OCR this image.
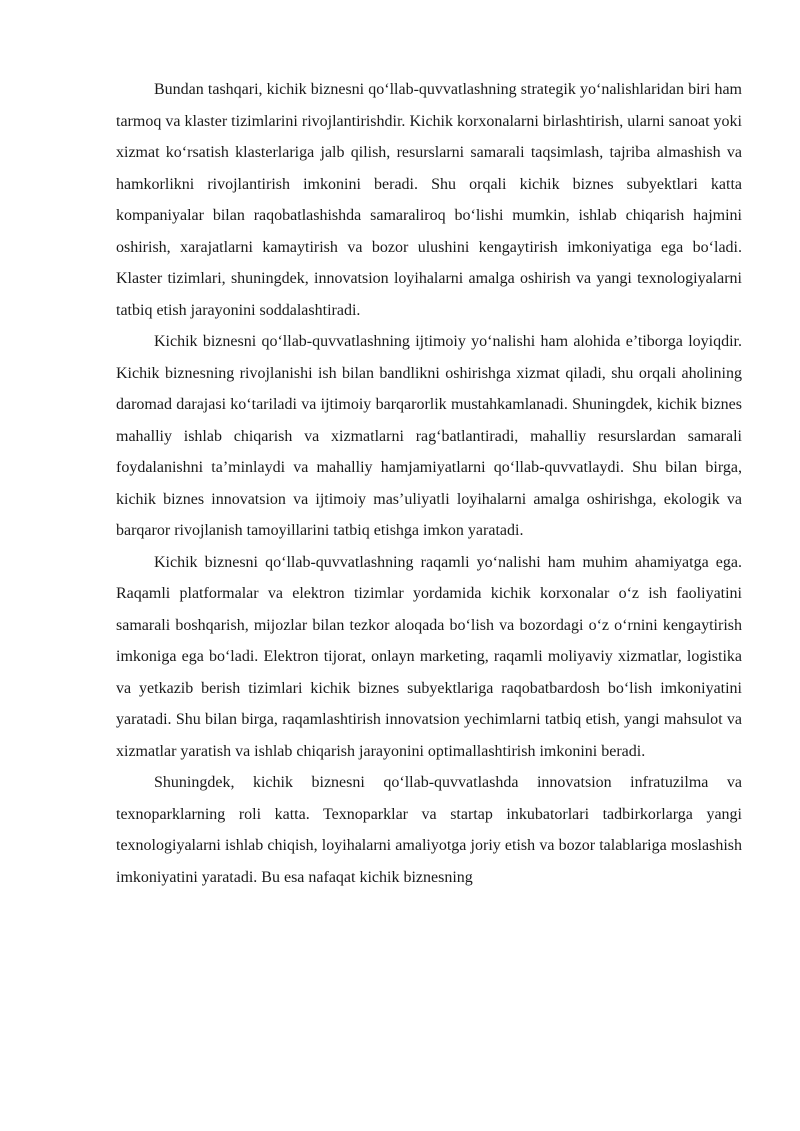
Bundan tashqari, kichik biznesni qo‘llab-quvvatlashning strategik yo‘nalishlaridan biri ham tarmoq va klaster tizimlarini rivojlantirishdir. Kichik korxonalarni birlashtirish, ularni sanoat yoki xizmat ko‘rsatish klasterlariga jalb qilish, resurslarni samarali taqsimlash, tajriba almashish va hamkorlikni rivojlantirish imkonini beradi. Shu orqali kichik biznes subyektlari katta kompaniyalar bilan raqobatlashishda samaraliroq bo‘lishi mumkin, ishlab chiqarish hajmini oshirish, xarajatlarni kamaytirish va bozor ulushini kengaytirish imkoniyatiga ega bo‘ladi. Klaster tizimlari, shuningdek, innovatsion loyihalarni amalga oshirish va yangi texnologiyalarni tatbiq etish jarayonini soddalashtiradi.

Kichik biznesni qo‘llab-quvvatlashning ijtimoiy yo‘nalishi ham alohida e’tiborga loyiqdir. Kichik biznesning rivojlanishi ish bilan bandlikni oshirishga xizmat qiladi, shu orqali aholining daromad darajasi ko‘tariladi va ijtimoiy barqarorlik mustahkamlanadi. Shuningdek, kichik biznes mahalliy ishlab chiqarish va xizmatlarni rag‘batlantiradi, mahalliy resurslardan samarali foydalanishni ta’minlaydi va mahalliy hamjamiyatlarni qo‘llab-quvvatlaydi. Shu bilan birga, kichik biznes innovatsion va ijtimoiy mas’uliyatli loyihalarni amalga oshirishga, ekologik va barqaror rivojlanish tamoyillarini tatbiq etishga imkon yaratadi.

Kichik biznesni qo‘llab-quvvatlashning raqamli yo‘nalishi ham muhim ahamiyatga ega. Raqamli platformalar va elektron tizimlar yordamida kichik korxonalar o‘z ish faoliyatini samarali boshqarish, mijozlar bilan tezkor aloqada bo‘lish va bozordagi o‘z o‘rnini kengaytirish imkoniga ega bo‘ladi. Elektron tijorat, onlayn marketing, raqamli moliyaviy xizmatlar, logistika va yetkazib berish tizimlari kichik biznes subyektlariga raqobatbardosh bo‘lish imkoniyatini yaratadi. Shu bilan birga, raqamlashtirish innovatsion yechimlarni tatbiq etish, yangi mahsulot va xizmatlar yaratish va ishlab chiqarish jarayonini optimallashtirish imkonini beradi.

Shuningdek, kichik biznesni qo‘llab-quvvatlashda innovatsion infratuzilma va texnoparklarning roli katta. Texnoparklar va startap inkubatorlari tadbirkorlarga yangi texnologiyalarni ishlab chiqish, loyihalarni amaliyotga joriy etish va bozor talablariga moslashish imkoniyatini yaratadi. Bu esa nafaqat kichik biznesning
